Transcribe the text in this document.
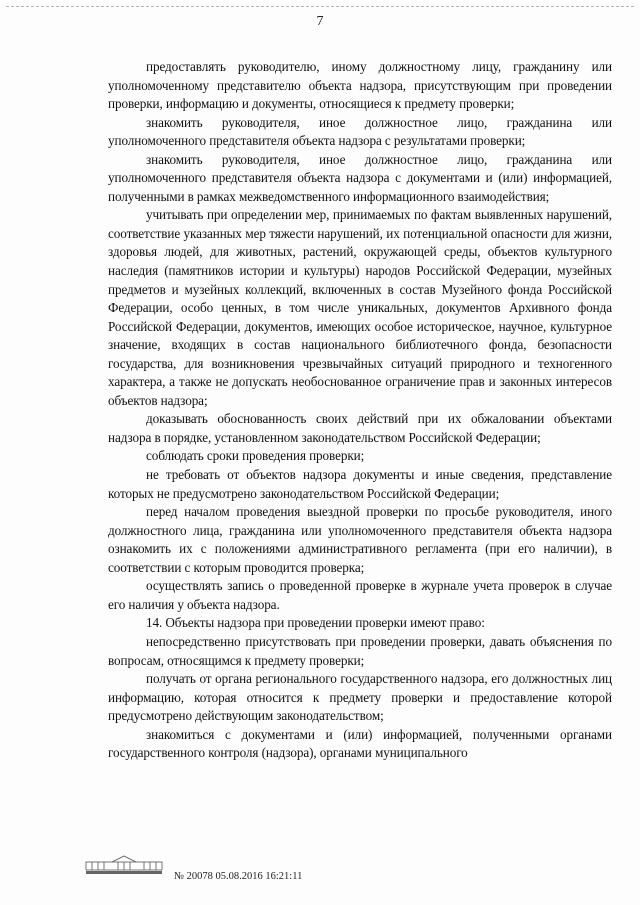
7

предоставлять руководителю, иному должностному лицу, гражданину или уполномоченному представителю объекта надзора, присутствующим при проведении проверки, информацию и документы, относящиеся к предмету проверки;

знакомить руководителя, иное должностное лицо, гражданина или уполномоченного представителя объекта надзора с результатами проверки;

знакомить руководителя, иное должностное лицо, гражданина или уполномоченного представителя объекта надзора с документами и (или) информацией, полученными в рамках межведомственного информационного взаимодействия;

учитывать при определении мер, принимаемых по фактам выявленных нарушений, соответствие указанных мер тяжести нарушений, их потенциальной опасности для жизни, здоровья людей, для животных, растений, окружающей среды, объектов культурного наследия (памятников истории и культуры) народов Российской Федерации, музейных предметов и музейных коллекций, включенных в состав Музейного фонда Российской Федерации, особо ценных, в том числе уникальных, документов Архивного фонда Российской Федерации, документов, имеющих особое историческое, научное, культурное значение, входящих в состав национального библиотечного фонда, безопасности государства, для возникновения чрезвычайных ситуаций природного и техногенного характера, а также не допускать необоснованное ограничение прав и законных интересов объектов надзора;

доказывать обоснованность своих действий при их обжаловании объектами надзора в порядке, установленном законодательством Российской Федерации;

соблюдать сроки проведения проверки;

не требовать от объектов надзора документы и иные сведения, представление которых не предусмотрено законодательством Российской Федерации;

перед началом проведения выездной проверки по просьбе руководителя, иного должностного лица, гражданина или уполномоченного представителя объекта надзора ознакомить их с положениями административного регламента (при его наличии), в соответствии с которым проводится проверка;

осуществлять запись о проведенной проверке в журнале учета проверок в случае его наличия у объекта надзора.

14. Объекты надзора при проведении проверки имеют право:

непосредственно присутствовать при проведении проверки, давать объяснения по вопросам, относящимся к предмету проверки;

получать от органа регионального государственного надзора, его должностных лиц информацию, которая относится к предмету проверки и предоставление которой предусмотрено действующим законодательством;

знакомиться с документами и (или) информацией, полученными органами государственного контроля (надзора), органами муниципального

№ 20078 05.08.2016 16:21:11
